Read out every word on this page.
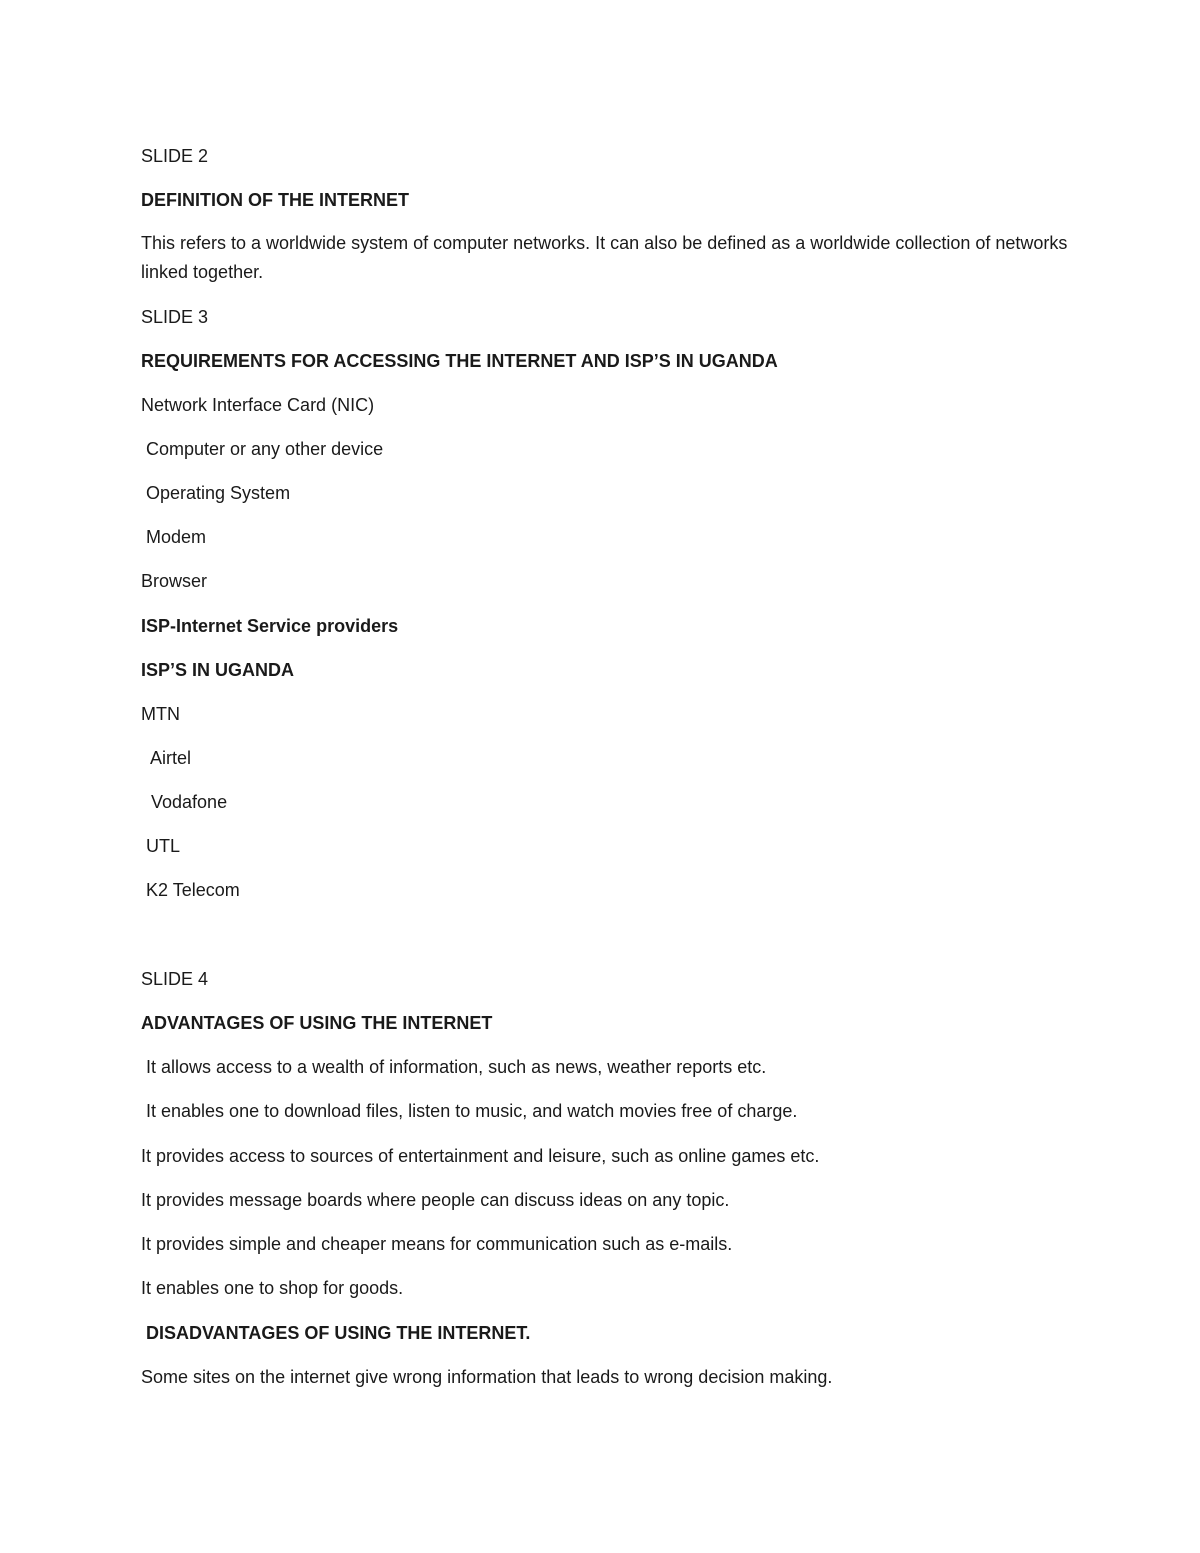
SLIDE 2

DEFINITION OF THE INTERNET

This refers to a worldwide system of computer networks. It can also be defined as a worldwide collection of networks linked together.

SLIDE 3

REQUIREMENTS FOR ACCESSING THE INTERNET AND ISP’S IN UGANDA

Network Interface Card (NIC)

Computer or any other device

Operating System

Modem

Browser

ISP-Internet Service providers

ISP’S IN UGANDA

MTN

Airtel

Vodafone

UTL

K2 Telecom

SLIDE 4

ADVANTAGES OF USING THE INTERNET

It allows access to a wealth of information, such as news, weather reports etc.

It enables one to download files, listen to music, and watch movies free of charge.

It provides access to sources of entertainment and leisure, such as online games etc.

It provides message boards where people can discuss ideas on any topic.

It provides simple and cheaper means for communication such as e-mails.

It enables one to shop for goods.

DISADVANTAGES OF USING THE INTERNET.

Some sites on the internet give wrong information that leads to wrong decision making.
